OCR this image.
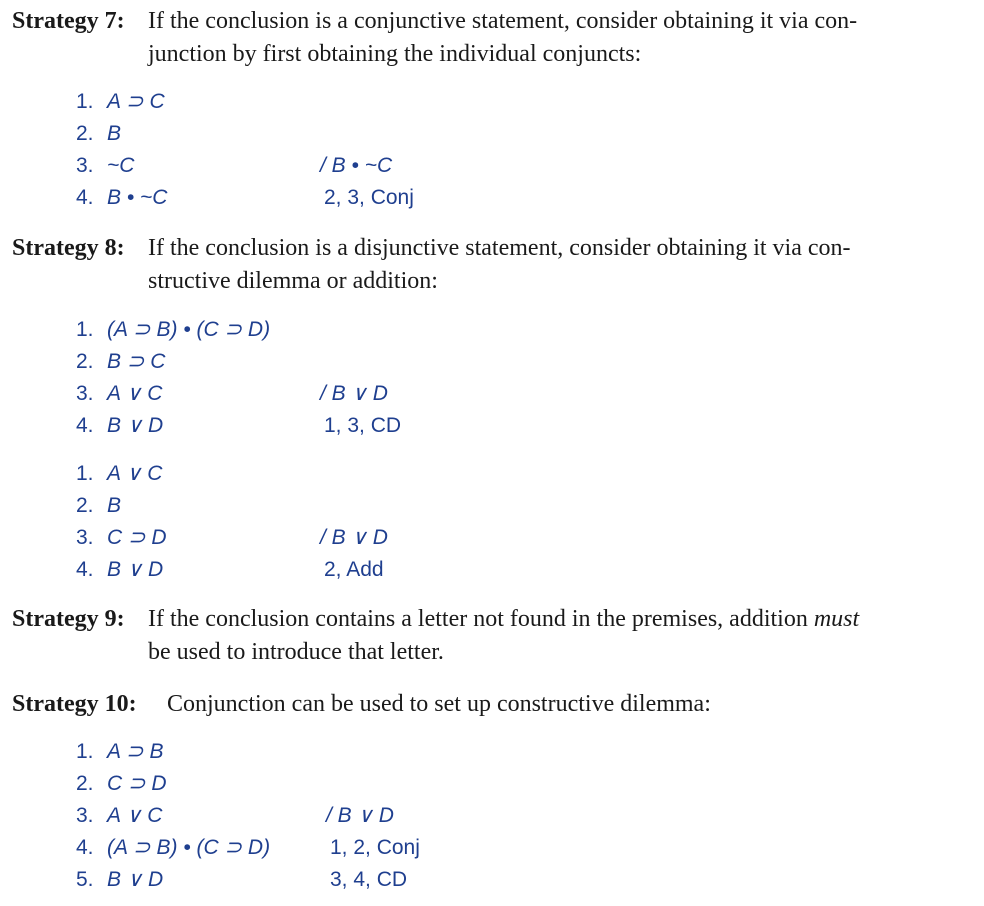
Strategy 7: If the conclusion is a conjunctive statement, consider obtaining it via con-
junction by first obtaining the individual conjuncts:
1. A ⊃ C
2. B
3. ~C	/ B • ~C
4. B • ~C	2, 3, Conj
Strategy 8: If the conclusion is a disjunctive statement, consider obtaining it via con-
structive dilemma or addition:
1. (A ⊃ B) • (C ⊃ D)
2. B ⊃ C
3. A ∨ C	/ B ∨ D
4. B ∨ D	1, 3, CD
1. A ∨ C
2. B
3. C ⊃ D	/ B ∨ D
4. B ∨ D	2, Add
Strategy 9: If the conclusion contains a letter not found in the premises, addition must
be used to introduce that letter.
Strategy 10: Conjunction can be used to set up constructive dilemma:
1. A ⊃ B
2. C ⊃ D
3. A ∨ C	/ B ∨ D
4. (A ⊃ B) • (C ⊃ D)	1, 2, Conj
5. B ∨ D	3, 4, CD
